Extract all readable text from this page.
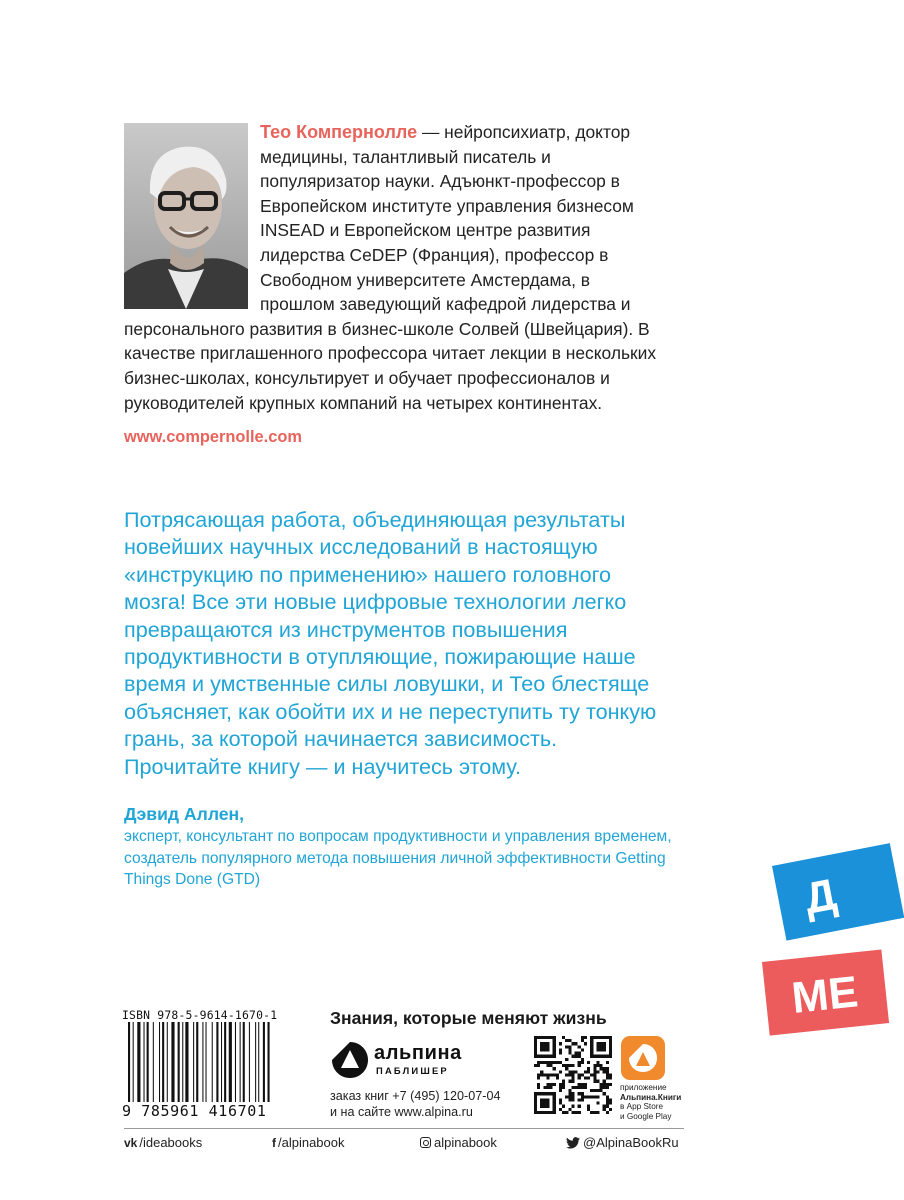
Тео Компернолле — нейропсихиатр, доктор медицины, талантливый писатель и популяризатор науки. Адъюнкт-профессор в Европейском институте управления бизнесом INSEAD и Европейском центре развития лидерства CeDEP (Франция), профессор в Свободном университете Амстердама, в прошлом заведующий кафедрой лидерства и персонального развития в бизнес-школе Солвей (Швейцария). В качестве приглашенного профессора читает лекции в нескольких бизнес-школах, консультирует и обучает профессионалов и руководителей крупных компаний на четырех континентах.
www.compernolle.com
Потрясающая работа, объединяющая результаты новейших научных исследований в настоящую «инструкцию по применению» нашего головного мозга! Все эти новые цифровые технологии легко превращаются из инструментов повышения продуктивности в отупляющие, пожирающие наше время и умственные силы ловушки, и Тео блестяще объясняет, как обойти их и не переступить ту тонкую грань, за которой начинается зависимость. Прочитайте книгу — и научитесь этому.
Дэвид Аллен,
эксперт, консультант по вопросам продуктивности и управления временем, создатель популярного метода повышения личной эффективности Getting Things Done (GTD)	Д
МЕ
ISBN 978-5-9614-1670-1
9 785961 416701
Знания, которые меняют жизнь
альпина
ПАБЛИШЕР
заказ книг +7 (495) 120-07-04
и на сайте www.alpina.ru
приложение
Альпина.Книги
в App Store
и Google Play
vk /ideabooks	f /alpinabook	alpinabook	@AlpinaBookRu
